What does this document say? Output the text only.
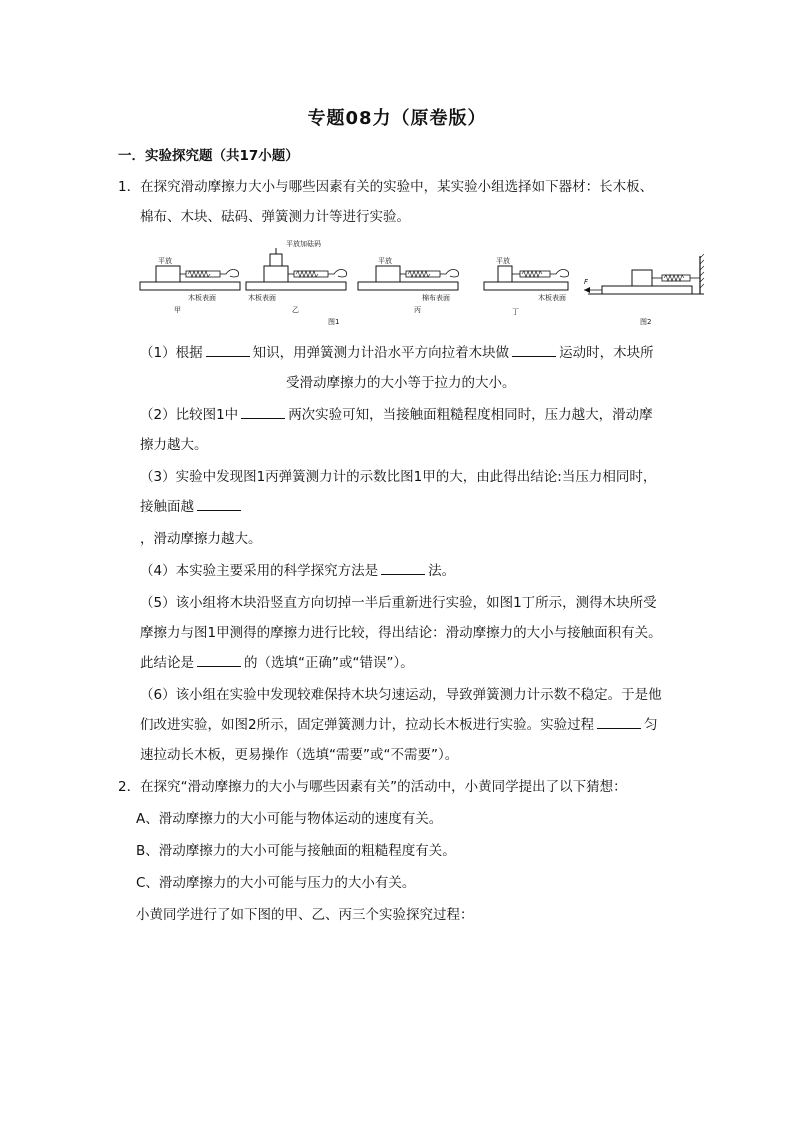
专题08力（原卷版）
一．实验探究题（共17小题）
1．在探究滑动摩擦力大小与哪些因素有关的实验中，某实验小组选择如下器材：长木板、
棉布、木块、砝码、弹簧测力计等进行实验。
平放
木板表面
甲
平放加砝码
木板表面
乙
平放
棉布表面
丙
平放
木板表面
丁
F
图2
图1
（1）根据	知识，用弹簧测力计沿水平方向拉着木块做	运动时，木块所
受滑动摩擦力的大小等于拉力的大小。
（2）比较图1中	两次实验可知，当接触面粗糙程度相同时，压力越大，滑动摩
擦力越大。
（3）实验中发现图1丙弹簧测力计的示数比图1甲的大，由此得出结论:当压力相同时，
接触面越
，滑动摩擦力越大。
（4）本实验主要采用的科学探究方法是	法。
（5）该小组将木块沿竖直方向切掉一半后重新进行实验，如图1丁所示，测得木块所受
摩擦力与图1甲测得的摩擦力进行比较，得出结论：滑动摩擦力的大小与接触面积有关。
此结论是	的（选填“正确”或“错误”）。
（6）该小组在实验中发现较难保持木块匀速运动，导致弹簧测力计示数不稳定。于是他
们改进实验，如图2所示，固定弹簧测力计，拉动长木板进行实验。实验过程	匀
速拉动长木板，更易操作（选填“需要”或“不需要”）。
2．在探究“滑动摩擦力的大小与哪些因素有关”的活动中，小黄同学提出了以下猜想：
A、滑动摩擦力的大小可能与物体运动的速度有关。
B、滑动摩擦力的大小可能与接触面的粗糙程度有关。
C、滑动摩擦力的大小可能与压力的大小有关。
小黄同学进行了如下图的甲、乙、丙三个实验探究过程：
